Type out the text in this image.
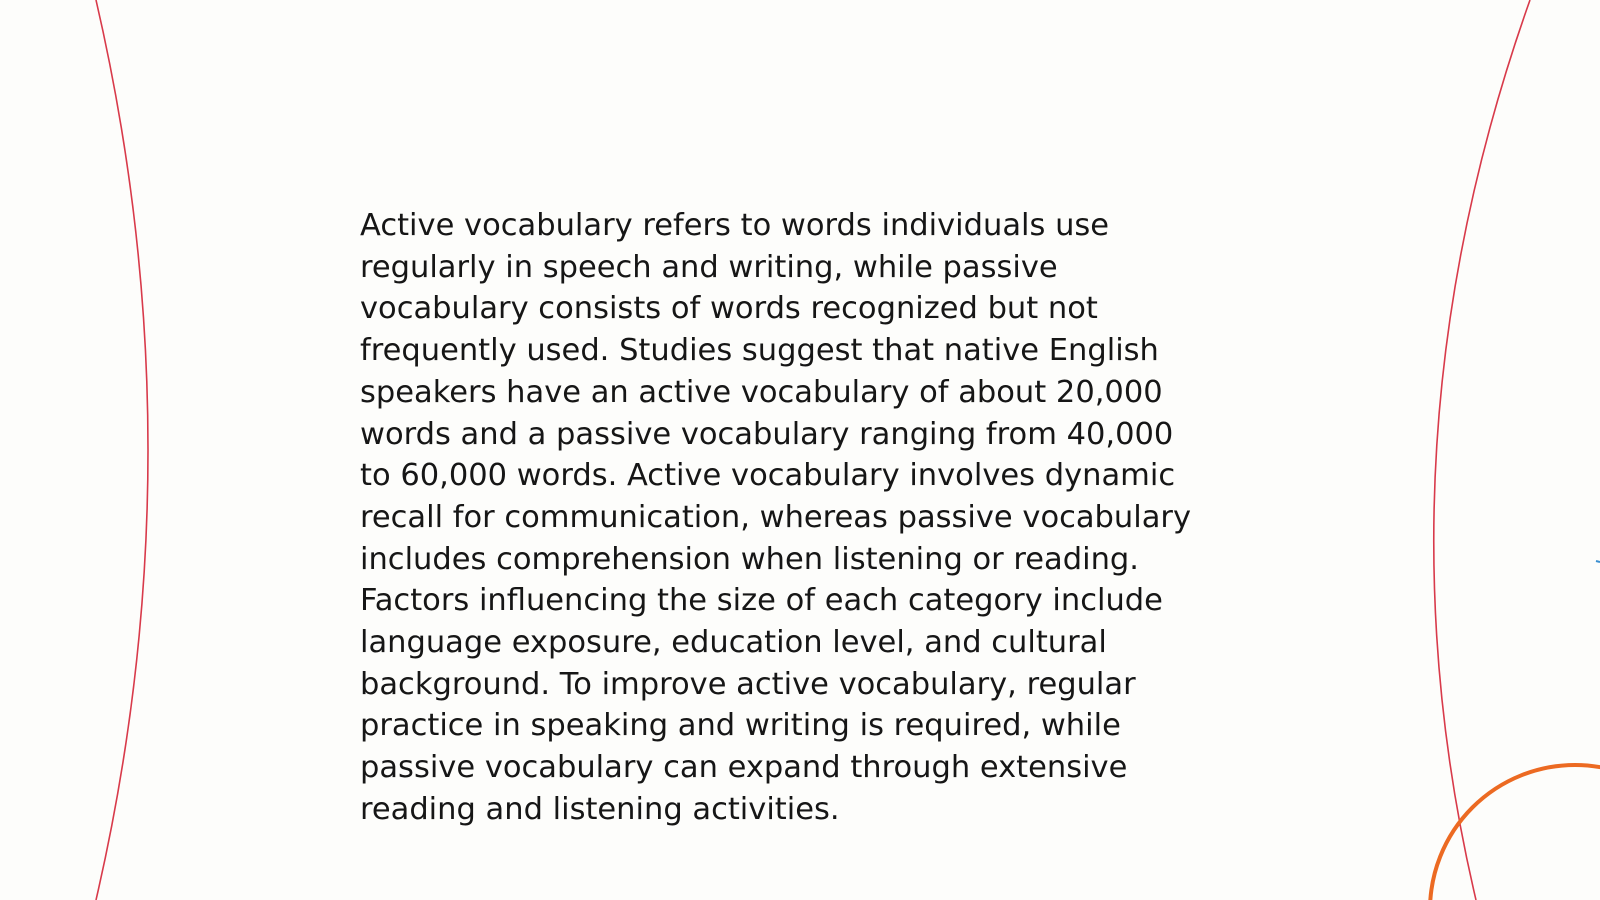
Active vocabulary refers to words individuals use
regularly in speech and writing, while passive
vocabulary consists of words recognized but not
frequently used. Studies suggest that native English
speakers have an active vocabulary of about 20,000
words and a passive vocabulary ranging from 40,000
to 60,000 words. Active vocabulary involves dynamic
recall for communication, whereas passive vocabulary
includes comprehension when listening or reading.
Factors influencing the size of each category include
language exposure, education level, and cultural
background. To improve active vocabulary, regular
practice in speaking and writing is required, while
passive vocabulary can expand through extensive
reading and listening activities.
